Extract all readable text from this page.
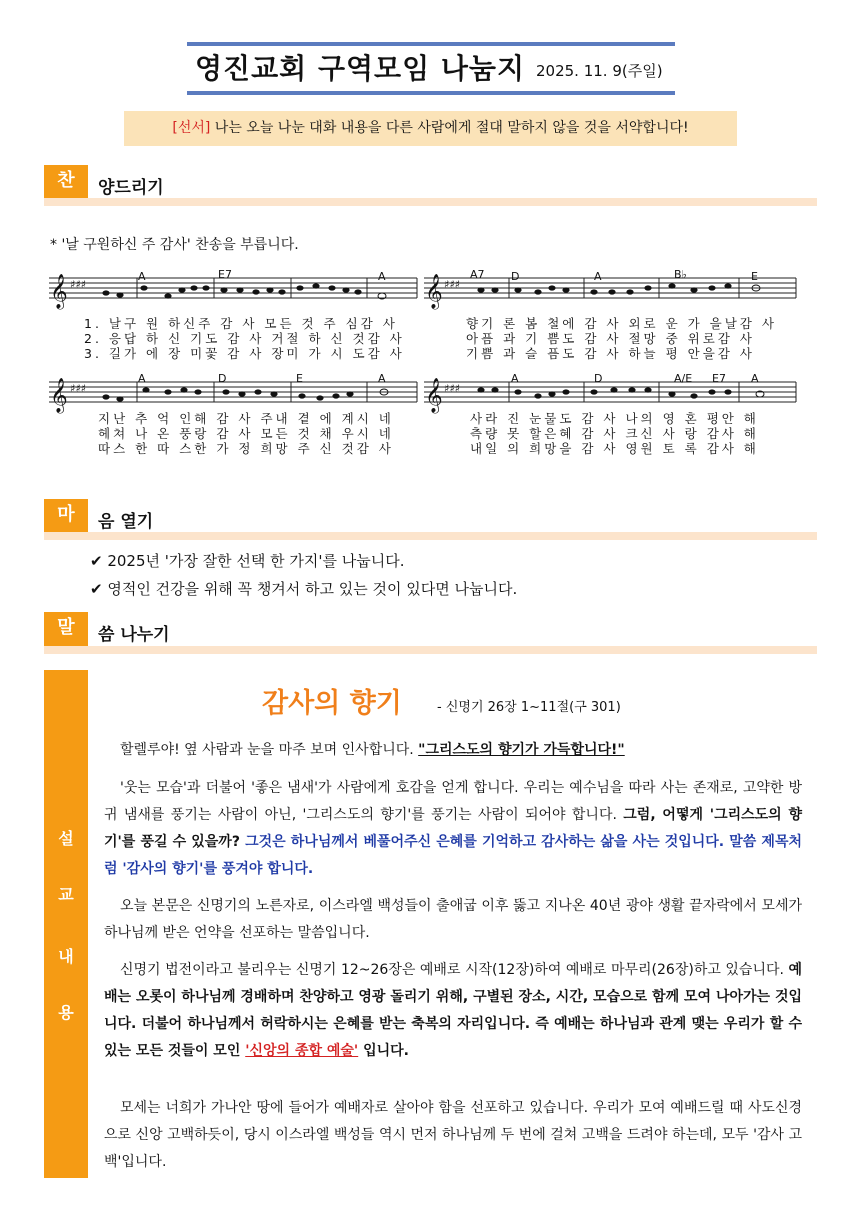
영진교회 구역모임 나눔지 2025. 11. 9(주일)
[선서] 나는 오늘 나눈 대화 내용을 다른 사람에게 절대 말하지 않을 것을 서약합니다!
찬	양드리기
* '날 구원하신 주 감사' 찬송을 부릅니다.
𝄞 ♯♯♯	𝄞 ♯♯♯
A	E7	A	A7 D	A	B♭	E
1. 날구 원 하신주 감 사 모든 것 주 심감 사
2. 응답 하 신 기도 감 사 거절 하 신 것감 사
3. 길가 에 장 미꽃 감 사 장미 가 시 도감 사
향기 론 봄 철에 감 사 외로 운 가 을날감 사
아픔 과 기 쁨도 감 사 절망 중 위로감 사
기쁨 과 슬 픔도 감 사 하늘 평 안을감 사
𝄞 ♯♯♯	𝄞 ♯♯♯
A	D	E	A	A	D	A/E E7 A
지난 추 억 인해 감 사 주내 곁 에 계시 네
헤쳐 나 온 풍랑 감 사 모든 것 채 우시 네
따스 한 따 스한 가 정 희망 주 신 것감 사
사라 진 눈물도 감 사 나의 영 혼 평안 해
측량 못 할은혜 감 사 크신 사 랑 감사 해
내일 의 희망을 감 사 영원 토 록 감사 해
마	음 열기
✔ 2025년 '가장 잘한 선택 한 가지'를 나눕니다.
✔ 영적인 건강을 위해 꼭 챙겨서 하고 있는 것이 있다면 나눕니다.
말	씀 나누기
설
교
내
용
감사의 향기	- 신명기 26장 1~11절(구 301)
할렐루야! 옆 사람과 눈을 마주 보며 인사합니다. "그리스도의 향기가 가득합니다!"
'웃는 모습'과 더불어 '좋은 냄새'가 사람에게 호감을 얻게 합니다. 우리는 예수님을 따라 사는 존재로, 고약한 방귀 냄새를 풍기는 사람이 아닌, '그리스도의 향기'를 풍기는 사람이 되어야 합니다. 그럼, 어떻게 '그리스도의 향기'를 풍길 수 있을까? 그것은 하나님께서 베풀어주신 은혜를 기억하고 감사하는 삶을 사는 것입니다. 말씀 제목처럼 '감사의 향기'를 풍겨야 합니다.
오늘 본문은 신명기의 노른자로, 이스라엘 백성들이 출애굽 이후 뚫고 지나온 40년 광야 생활 끝자락에서 모세가 하나님께 받은 언약을 선포하는 말씀입니다.
신명기 법전이라고 불리우는 신명기 12~26장은 예배로 시작(12장)하여 예배로 마무리(26장)하고 있습니다. 예배는 오롯이 하나님께 경배하며 찬양하고 영광 돌리기 위해, 구별된 장소, 시간, 모습으로 함께 모여 나아가는 것입니다. 더불어 하나님께서 허락하시는 은혜를 받는 축복의 자리입니다. 즉 예배는 하나님과 관계 맺는 우리가 할 수 있는 모든 것들이 모인 '신앙의 종합 예술' 입니다.
모세는 너희가 가나안 땅에 들어가 예배자로 살아야 함을 선포하고 있습니다. 우리가 모여 예배드릴 때 사도신경으로 신앙 고백하듯이, 당시 이스라엘 백성들 역시 먼저 하나님께 두 번에 걸쳐 고백을 드려야 하는데, 모두 '감사 고백'입니다.
